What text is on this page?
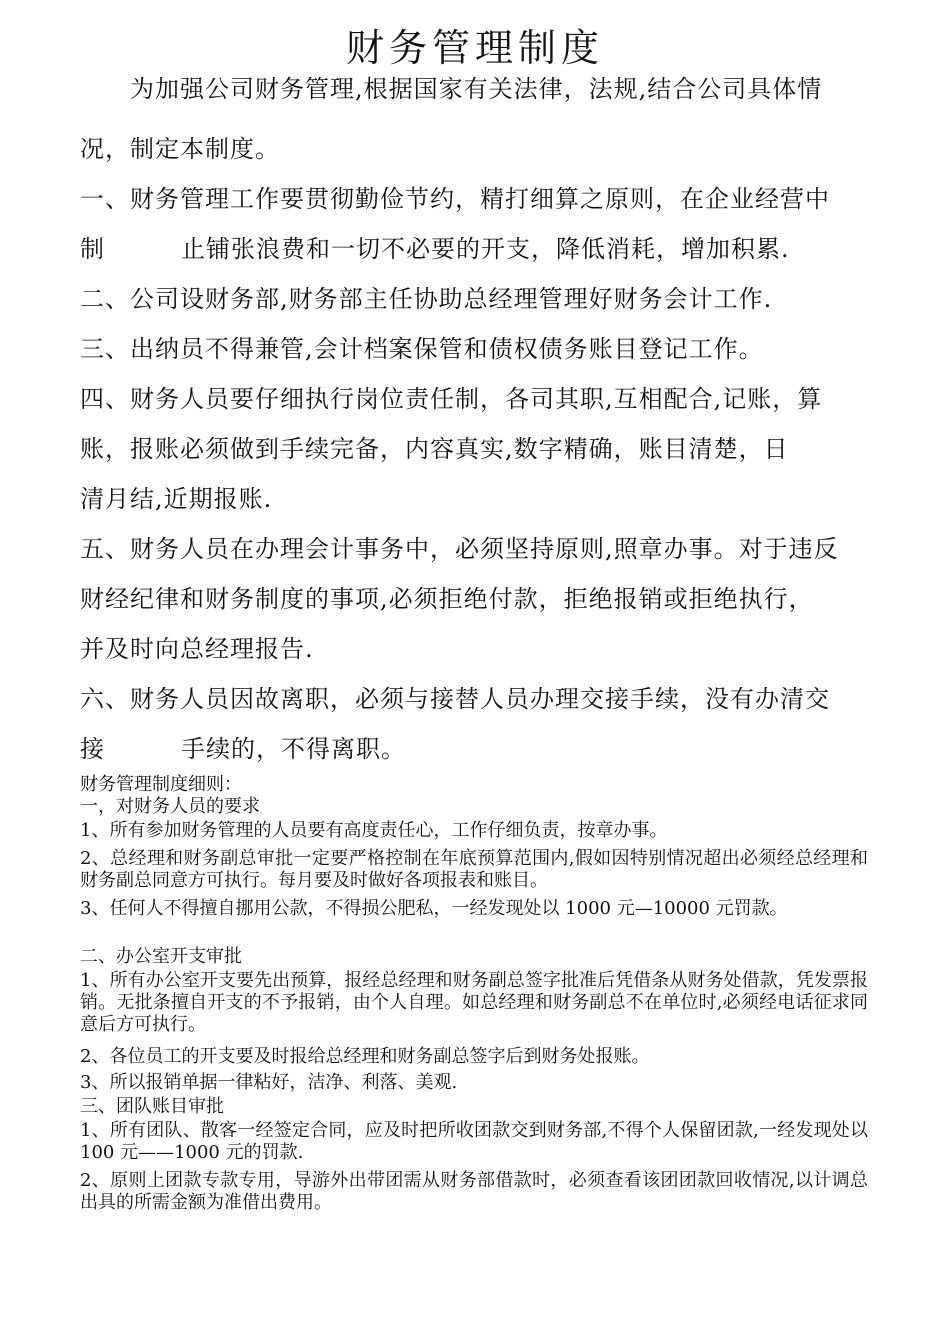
财务管理制度

为加强公司财务管理,根据国家有关法律，法规,结合公司具体情

况，制定本制度。

一、财务管理工作要贯彻勤俭节约，精打细算之原则，在企业经营中

制	止铺张浪费和一切不必要的开支，降低消耗，增加积累.

二、公司设财务部,财务部主任协助总经理管理好财务会计工作.

三、出纳员不得兼管,会计档案保管和债权债务账目登记工作。

四、财务人员要仔细执行岗位责任制，各司其职,互相配合,记账，算

账，报账必须做到手续完备，内容真实,数字精确，账目清楚，日

清月结,近期报账.

五、财务人员在办理会计事务中，必须坚持原则,照章办事。对于违反

财经纪律和财务制度的事项,必须拒绝付款，拒绝报销或拒绝执行，

并及时向总经理报告.

六、财务人员因故离职，必须与接替人员办理交接手续，没有办清交

接	手续的，不得离职。

财务管理制度细则：

一，对财务人员的要求

1、所有参加财务管理的人员要有高度责任心，工作仔细负责，按章办事。

2、总经理和财务副总审批一定要严格控制在年底预算范围内,假如因特别情况超出必须经总经理和财务副总同意方可执行。每月要及时做好各项报表和账目。

3、任何人不得擅自挪用公款，不得损公肥私，一经发现处以 1000 元—10000 元罚款。

二、办公室开支审批

1、所有办公室开支要先出预算，报经总经理和财务副总签字批准后凭借条从财务处借款，凭发票报销。无批条擅自开支的不予报销，由个人自理。如总经理和财务副总不在单位时,必须经电话征求同意后方可执行。

2、各位员工的开支要及时报给总经理和财务副总签字后到财务处报账。

3、所以报销单据一律粘好，洁净、利落、美观.

三、团队账目审批

1、所有团队、散客一经签定合同，应及时把所收团款交到财务部,不得个人保留团款,一经发现处以 100 元——1000 元的罚款.

2、原则上团款专款专用，导游外出带团需从财务部借款时，必须查看该团团款回收情况,以计调总出具的所需金额为准借出费用。
